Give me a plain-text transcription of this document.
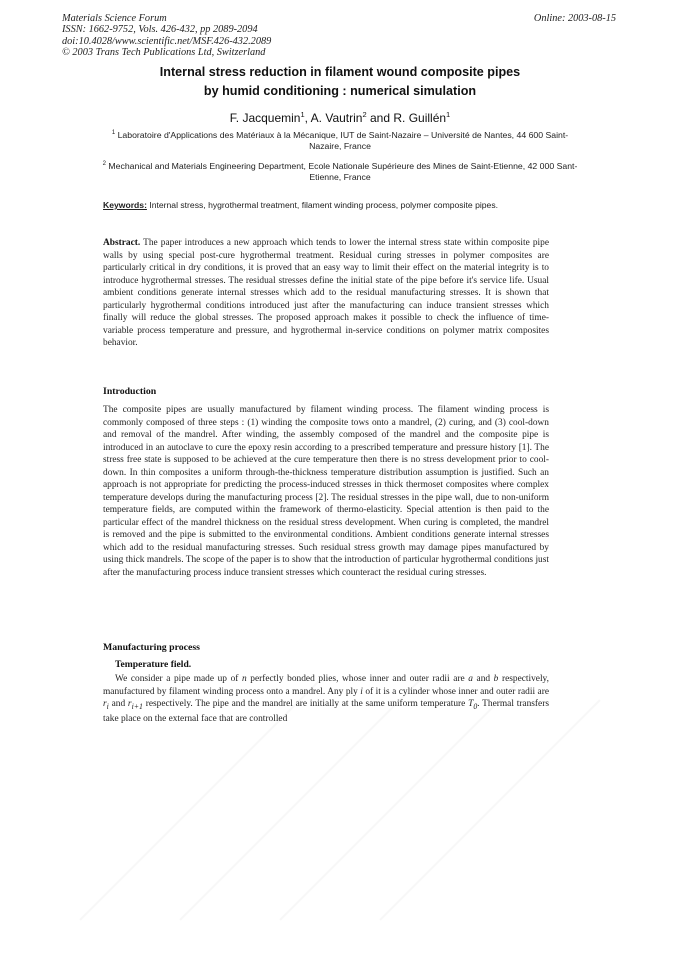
Materials Science Forum
ISSN: 1662-9752, Vols. 426-432, pp 2089-2094
doi:10.4028/www.scientific.net/MSF.426-432.2089
© 2003 Trans Tech Publications Ltd, Switzerland
Online: 2003-08-15
Internal stress reduction in filament wound composite pipes
by humid conditioning : numerical simulation
F. Jacquemin$^1$, A. Vautrin$^2$ and R. Guillén$^1$
$^1$ Laboratoire d'Applications des Matériaux à la Mécanique, IUT de Saint-Nazaire – Université de Nantes, 44 600 Saint-Nazaire, France
$^2$ Mechanical and Materials Engineering Department, Ecole Nationale Supérieure des Mines de Saint-Etienne, 42 000 Sant-Etienne, France
Keywords: Internal stress, hygrothermal treatment, filament winding process, polymer composite pipes.
Abstract. The paper introduces a new approach which tends to lower the internal stress state within composite pipe walls by using special post-cure hygrothermal treatment. Residual curing stresses in polymer composites are particularly critical in dry conditions, it is proved that an easy way to limit their effect on the material integrity is to introduce hygrothermal stresses. The residual stresses define the initial state of the pipe before it's service life. Usual ambient conditions generate internal stresses which add to the residual manufacturing stresses. It is shown that particularly hygrothermal conditions introduced just after the manufacturing can induce transient stresses which finally will reduce the global stresses. The proposed approach makes it possible to check the influence of time-variable process temperature and pressure, and hygrothermal in-service conditions on polymer matrix composites behavior.
Introduction
The composite pipes are usually manufactured by filament winding process. The filament winding process is commonly composed of three steps : (1) winding the composite tows onto a mandrel, (2) curing, and (3) cool-down and removal of the mandrel. After winding, the assembly composed of the mandrel and the composite pipe is introduced in an autoclave to cure the epoxy resin according to a prescribed temperature and pressure history [1]. The stress free state is supposed to be achieved at the cure temperature then there is no stress development prior to cool-down. In thin composites a uniform through-the-thickness temperature distribution assumption is justified. Such an approach is not appropriate for predicting the process-induced stresses in thick thermoset composites where complex temperature develops during the manufacturing process [2]. The residual stresses in the pipe wall, due to non-uniform temperature fields, are computed within the framework of thermo-elasticity. Special attention is then paid to the particular effect of the mandrel thickness on the residual stress development. When curing is completed, the mandrel is removed and the pipe is submitted to the environmental conditions. Ambient conditions generate internal stresses which add to the residual manufacturing stresses. Such residual stress growth may damage pipes manufactured by using thick mandrels. The scope of the paper is to show that the introduction of particular hygrothermal conditions just after the manufacturing process induce transient stresses which counteract the residual curing stresses.
Manufacturing process
Temperature field.
We consider a pipe made up of n perfectly bonded plies, whose inner and outer radii are a and b respectively, manufactured by filament winding process onto a mandrel. Any ply i of it is a cylinder whose inner and outer radii are $r_i$ and $r_{i+1}$ respectively. The pipe and the mandrel are initially at the same uniform temperature $T_0$. Thermal transfers take place on the external face that are controlled
